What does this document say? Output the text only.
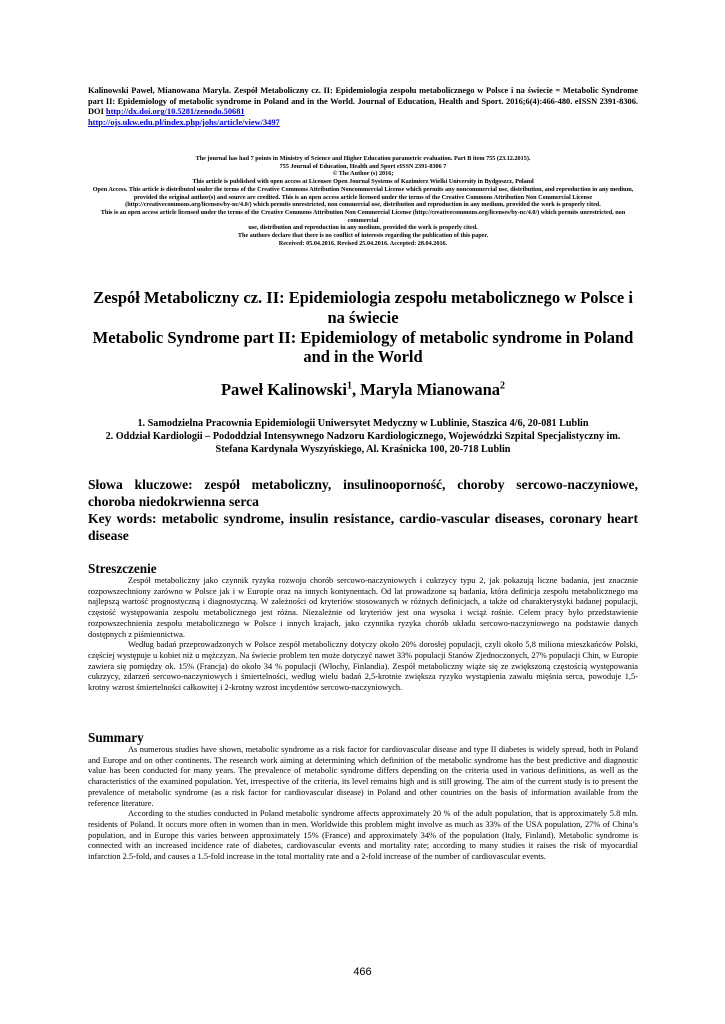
Kalinowski Paweł, Mianowana Maryla. Zespół Metaboliczny cz. II: Epidemiologia zespołu metabolicznego w Polsce i na świecie = Metabolic Syndrome part II: Epidemiology of metabolic syndrome in Poland and in the World. Journal of Education, Health and Sport. 2016;6(4):466-480. eISSN 2391-8306. DOI http://dx.doi.org/10.5281/zenodo.50681
http://ojs.ukw.edu.pl/index.php/johs/article/view/3497
The journal has had 7 points in Ministry of Science and Higher Education parametric evaluation. Part B item 755 (23.12.2015).
755 Journal of Education, Health and Sport eISSN 2391-8306 7
© The Author (s) 2016;
This article is published with open access at Licensee Open Journal Systems of Kazimierz Wielki University in Bydgoszcz, Poland
Open Access. This article is distributed under the terms of the Creative Commons Attribution Noncommercial License which permits any noncommercial use, distribution, and reproduction in any medium,
provided the original author(s) and source are credited. This is an open access article licensed under the terms of the Creative Commons Attribution Non Commercial License (http://creativecommons.org/licenses/by-nc/4.0/) which permits unrestricted, non commercial use, distribution and reproduction in any medium, provided the work is properly cited.
This is an open access article licensed under the terms of the Creative Commons Attribution Non Commercial License (http://creativecommons.org/licenses/by-nc/4.0/) which permits unrestricted, non commercial
use, distribution and reproduction in any medium, provided the work is properly cited.
The authors declare that there is no conflict of interests regarding the publication of this paper.
Received: 05.04.2016. Revised 25.04.2016. Accepted: 28.04.2016.
Zespół Metaboliczny cz. II: Epidemiologia zespołu metabolicznego w Polsce i na świecie
Metabolic Syndrome part II: Epidemiology of metabolic syndrome in Poland and in the World
Paweł Kalinowski$^1$, Maryla Mianowana$^2$
1. Samodzielna Pracownia Epidemiologii Uniwersytet Medyczny w Lublinie, Staszica 4/6, 20-081 Lublin
2. Oddział Kardiologii – Pododdział Intensywnego Nadzoru Kardiologicznego, Wojewódzki Szpital Specjalistyczny im. Stefana Kardynała Wyszyńskiego, Al. Kraśnicka 100, 20-718 Lublin
Słowa kluczowe: zespół metaboliczny, insulinooporność, choroby sercowo-naczyniowe, choroba niedokrwienna serca
Key words: metabolic syndrome, insulin resistance, cardio-vascular diseases, coronary heart disease
Streszczenie

Zespół metaboliczny jako czynnik ryzyka rozwoju chorób sercowo-naczyniowych i cukrzycy typu 2, jak pokazują liczne badania, jest znacznie rozpowszechniony zarówno w Polsce jak i w Europie oraz na innych kontynentach. Od lat prowadzone są badania, która definicja zespołu metabolicznego ma najlepszą wartość prognostyczną i diagnostyczną. W zależności od kryteriów stosowanych w różnych definicjach, a także od charakterystyki badanej populacji, częstość występowania zespołu metabolicznego jest różna. Niezależnie od kryteriów jest ona wysoka i wciąż rośnie. Celem pracy było przedstawienie rozpowszechnienia zespołu metabolicznego w Polsce i innych krajach, jako czynnika ryzyka chorób układu sercowo-naczyniowego na podstawie danych dostępnych z piśmiennictwa.

Według badań przeprowadzonych w Polsce zespół metaboliczny dotyczy około 20% dorosłej populacji, czyli około 5,8 miliona mieszkańców Polski, częściej występuje u kobiet niż u mężczyzn. Na świecie problem ten może dotyczyć nawet 33% populacji Stanów Zjednoczonych, 27% populacji Chin, w Europie zawiera się pomiędzy ok. 15% (Francja) do około 34 % populacji (Włochy, Finlandia). Zespół metaboliczny wiąże się ze zwiększoną częstością występowania cukrzycy, zdarzeń sercowo-naczyniowych i śmiertelności, według wielu badań 2,5-krotnie zwiększa ryzyko wystąpienia zawału mięśnia serca, powoduje 1,5-krotny wzrost śmiertelności całkowitej i 2-krotny wzrost incydentów sercowo-naczyniowych.

Summary

As numerous studies have shown, metabolic syndrome as a risk factor for cardiovascular disease and type II diabetes is widely spread, both in Poland and Europe and on other continents. The research work aiming at determining which definition of the metabolic syndrome has the best predictive and diagnostic value has been conducted for many years. The prevalence of metabolic syndrome differs depending on the criteria used in various definitions, as well as the characteristics of the examined population. Yet, irrespective of the criteria, its level remains high and is still growing. The aim of the current study is to present the prevalence of metabolic syndrome (as a risk factor for cardiovascular disease) in Poland and other countries on the basis of information available from the reference literature.

According to the studies conducted in Poland metabolic syndrome affects approximately 20 % of the adult population, that is approximately 5.8 mln. residents of Poland. It occurs more often in women than in men. Worldwide this problem might involve as much as 33% of the USA population, 27% of China’s population, and in Europe this varies between approximately 15% (France) and approximately 34% of the population (Italy, Finland). Metabolic syndrome is connected with an increased incidence rate of diabetes, cardiovascular events and mortality rate; according to many studies it raises the risk of myocardial infarction 2.5-fold, and causes a 1.5-fold increase in the total mortality rate and a 2-fold increase of the number of cardiovascular events.

466
